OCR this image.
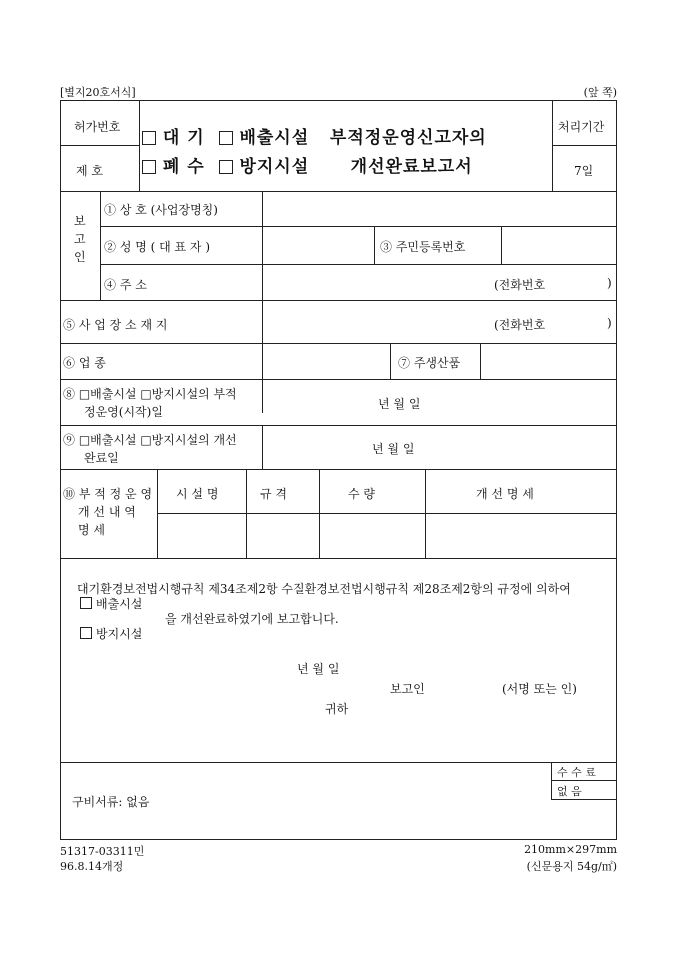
[별지20호서식]	(앞 쪽)
허가번호
제 호
대 기 배출시설 부적정운영신고자의
폐 수 방지시설 개선완료보고서
처리기간
7일
보
고
인
① 상 호 (사업장명칭)
② 성 명 ( 대 표 자 )	③ 주민등록번호
④ 주 소	(전화번호	)
⑤ 사 업 장 소 재 지	(전화번호	)
⑥ 업 종	⑦ 주생산품
⑧ □배출시설 □방지시설의 부적
정운영(시작)일
년 월 일
⑨ □배출시설 □방지시설의 개선
완료일
년 월 일
⑩ 부 적 정 운 영
개 선 내 역
명 세
시 설 명	규 격	수 량	개 선 명 세
대기환경보전법시행규칙 제34조제2항 수질환경보전법시행규칙 제28조제2항의 규정에 의하여
배출시설
을 개선완료하였기에 보고합니다.
방지시설
년 월 일
보고인	(서명 또는 인)
귀하
구비서류: 없음
수 수 료
없 음
51317-03311민
96.8.14개정
210mm×297mm
(신문용지 54g/㎡)
